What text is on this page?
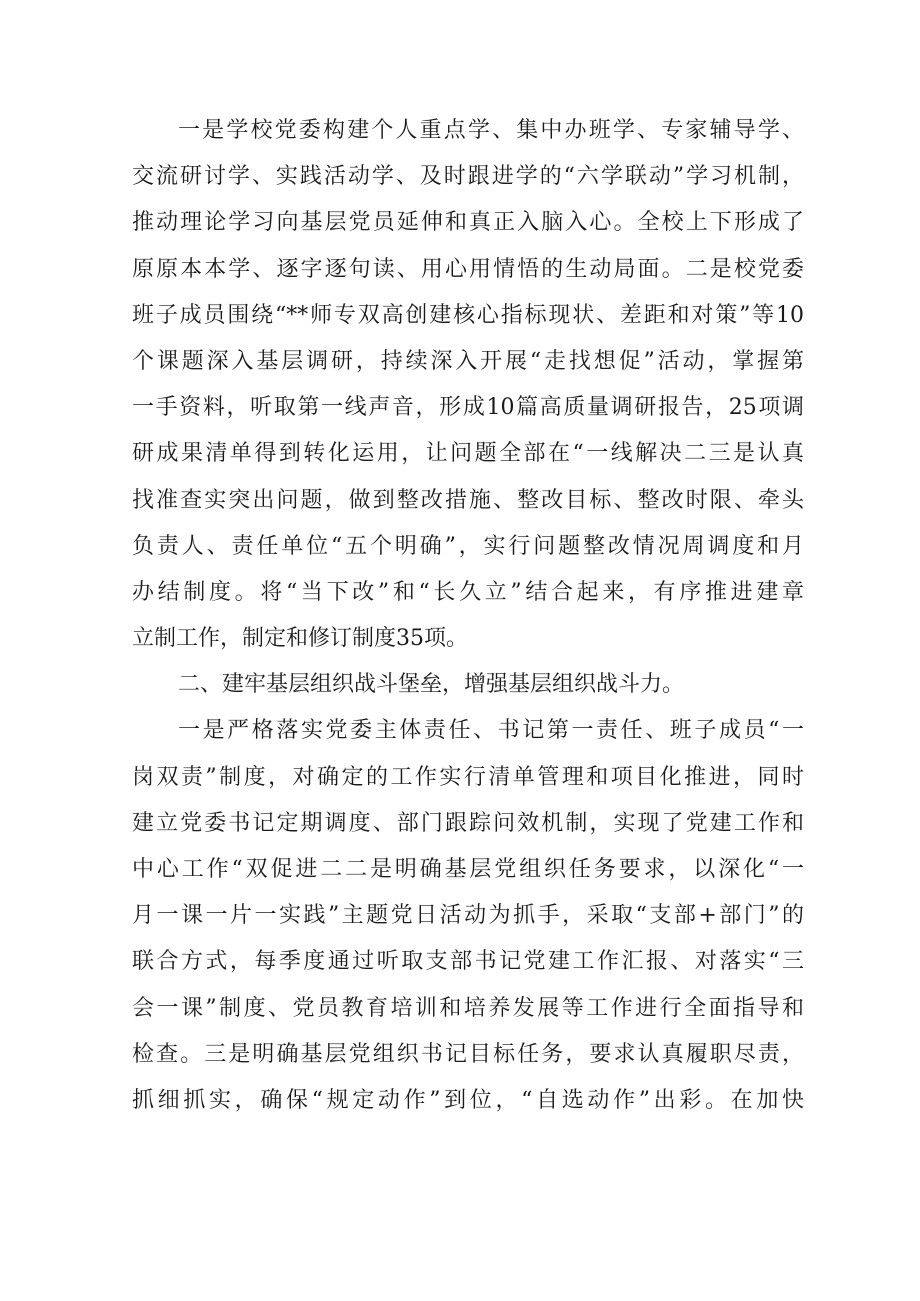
一是学校党委构建个人重点学、集中办班学、专家辅导学、
交流研讨学、实践活动学、及时跟进学的“六学联动”学习机制，
推动理论学习向基层党员延伸和真正入脑入心。全校上下形成了
原原本本学、逐字逐句读、用心用情悟的生动局面。二是校党委
班子成员围绕“**师专双高创建核心指标现状、差距和对策”等10
个课题深入基层调研，持续深入开展“走找想促”活动，掌握第
一手资料，听取第一线声音，形成10篇高质量调研报告，25项调
研成果清单得到转化运用，让问题全部在“一线解决二三是认真
找准查实突出问题，做到整改措施、整改目标、整改时限、牵头
负责人、责任单位“五个明确”，实行问题整改情况周调度和月
办结制度。将“当下改”和“长久立”结合起来，有序推进建章
立制工作，制定和修订制度35项。
二、建牢基层组织战斗堡垒，增强基层组织战斗力。
一是严格落实党委主体责任、书记第一责任、班子成员“一
岗双责”制度，对确定的工作实行清单管理和项目化推进，同时
建立党委书记定期调度、部门跟踪问效机制，实现了党建工作和
中心工作“双促进二二是明确基层党组织任务要求，以深化“一
月一课一片一实践”主题党日活动为抓手，采取“支部+部门”的
联合方式，每季度通过听取支部书记党建工作汇报、对落实“三
会一课”制度、党员教育培训和培养发展等工作进行全面指导和
检查。三是明确基层党组织书记目标任务，要求认真履职尽责，
抓细抓实，确保“规定动作”到位，“自选动作”出彩。在加快
